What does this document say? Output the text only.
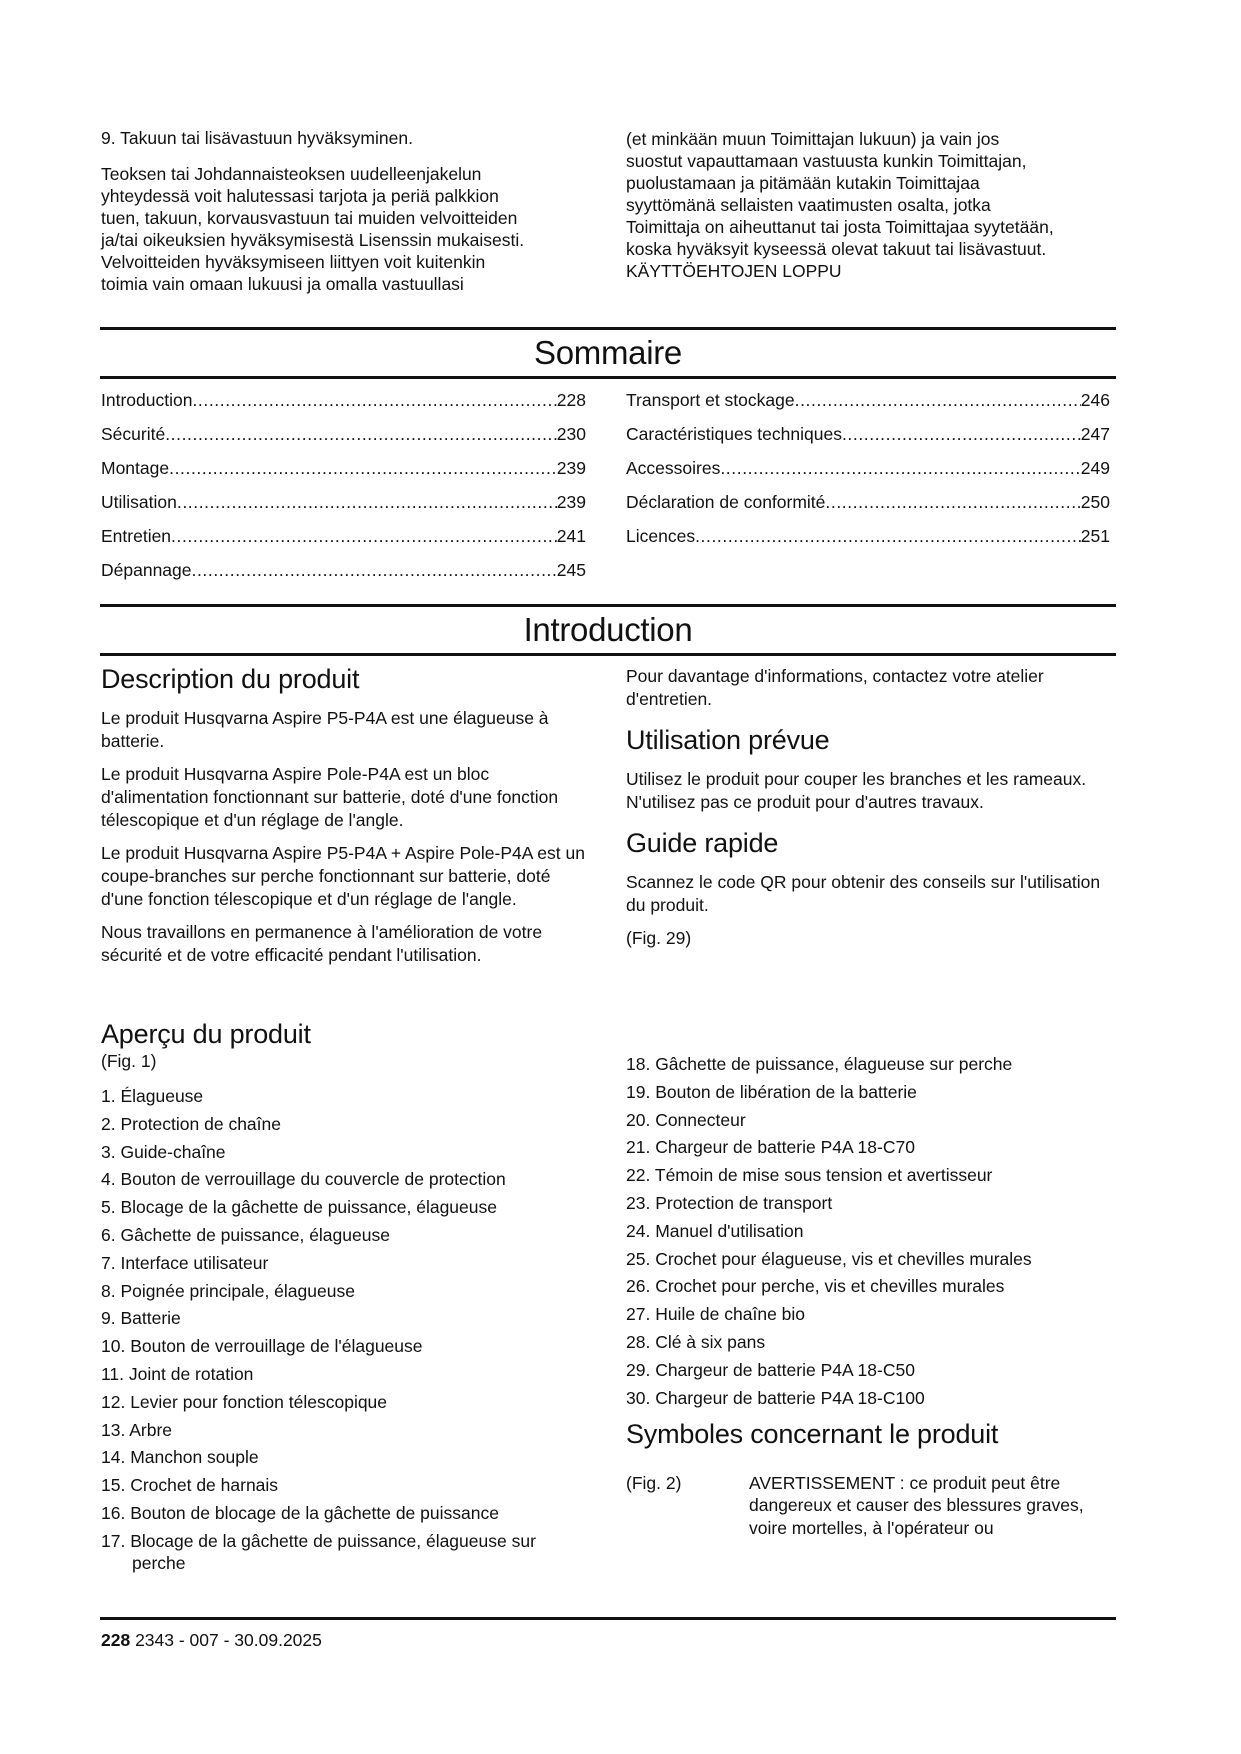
9. Takuun tai lisävastuun hyväksyminen.
Teoksen tai Johdannaisteoksen uudelleenjakelun
yhteydessä voit halutessasi tarjota ja periä palkkion
tuen, takuun, korvausvastuun tai muiden velvoitteiden
ja/tai oikeuksien hyväksymisestä Lisenssin mukaisesti.
Velvoitteiden hyväksymiseen liittyen voit kuitenkin
toimia vain omaan lukuusi ja omalla vastuullasi
(et minkään muun Toimittajan lukuun) ja vain jos
suostut vapauttamaan vastuusta kunkin Toimittajan,
puolustamaan ja pitämään kutakin Toimittajaa
syyttömänä sellaisten vaatimusten osalta, jotka
Toimittaja on aiheuttanut tai josta Toimittajaa syytetään,
koska hyväksyit kyseessä olevat takuut tai lisävastuut.
KÄYTTÖEHTOJEN LOPPU
Sommaire
Introduction .....	228
Sécurité .....	230
Montage .....	239
Utilisation .....	239
Entretien .....	241
Dépannage .....	245
Transport et stockage .....	246
Caractéristiques techniques .....	247
Accessoires .....	249
Déclaration de conformité .....	250
Licences .....	251
Introduction
Description du produit

Le produit Husqvarna Aspire P5-P4A est une élagueuse à batterie.

Le produit Husqvarna Aspire Pole-P4A est un bloc d'alimentation fonctionnant sur batterie, doté d'une fonction télescopique et d'un réglage de l'angle.

Le produit Husqvarna Aspire P5-P4A + Aspire Pole-P4A est un coupe-branches sur perche fonctionnant sur batterie, doté d'une fonction télescopique et d'un réglage de l'angle.

Nous travaillons en permanence à l'amélioration de votre sécurité et de votre efficacité pendant l'utilisation.

Pour davantage d'informations, contactez votre atelier d'entretien.

Utilisation prévue

Utilisez le produit pour couper les branches et les rameaux. N'utilisez pas ce produit pour d'autres travaux.

Guide rapide

Scannez le code QR pour obtenir des conseils sur l'utilisation du produit.

(Fig. 29)

Aperçu du produit
(Fig. 1)
1. Élagueuse
2. Protection de chaîne
3. Guide-chaîne
4. Bouton de verrouillage du couvercle de protection
5. Blocage de la gâchette de puissance, élagueuse
6. Gâchette de puissance, élagueuse
7. Interface utilisateur
8. Poignée principale, élagueuse
9. Batterie
10. Bouton de verrouillage de l'élagueuse
11. Joint de rotation
12. Levier pour fonction télescopique
13. Arbre
14. Manchon souple
15. Crochet de harnais
16. Bouton de blocage de la gâchette de puissance
17. Blocage de la gâchette de puissance, élagueuse sur perche
18. Gâchette de puissance, élagueuse sur perche
19. Bouton de libération de la batterie
20. Connecteur
21. Chargeur de batterie P4A 18-C70
22. Témoin de mise sous tension et avertisseur
23. Protection de transport
24. Manuel d'utilisation
25. Crochet pour élagueuse, vis et chevilles murales
26. Crochet pour perche, vis et chevilles murales
27. Huile de chaîne bio
28. Clé à six pans
29. Chargeur de batterie P4A 18-C50
30. Chargeur de batterie P4A 18-C100
Symboles concernant le produit
(Fig. 2)	AVERTISSEMENT : ce produit peut être dangereux et causer des blessures graves, voire mortelles, à l'opérateur ou
228 2343 - 007 - 30.09.2025
